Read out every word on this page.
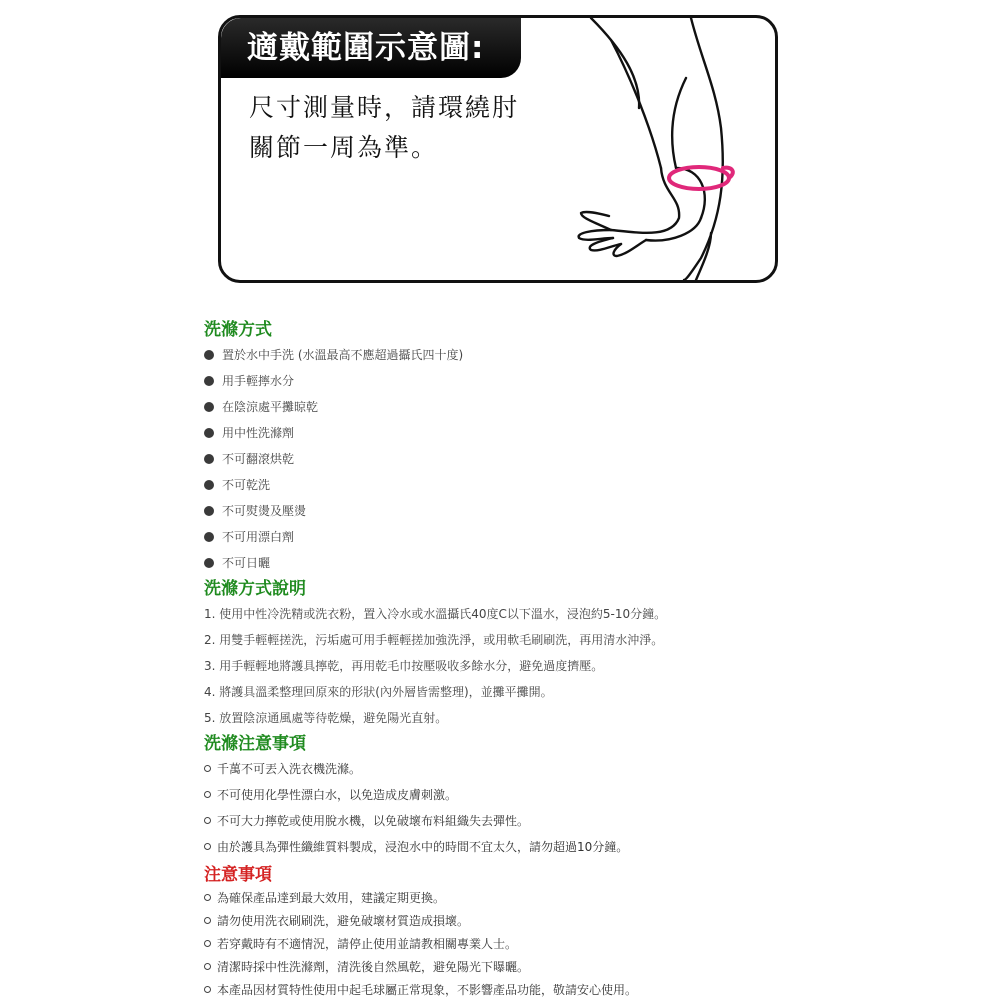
適戴範圍示意圖:
尺寸測量時，請環繞肘
關節一周為準。
洗滌方式
置於水中手洗 (水溫最高不應超過攝氏四十度)
用手輕擰水分
在陰涼處平攤晾乾
用中性洗滌劑
不可翻滾烘乾
不可乾洗
不可熨燙及壓燙
不可用漂白劑
不可日曬
洗滌方式說明
1. 使用中性冷洗精或洗衣粉，置入冷水或水溫攝氏40度C以下溫水，浸泡約5-10分鐘。
2. 用雙手輕輕搓洗，污垢處可用手輕輕搓加強洗淨，或用軟毛刷刷洗，再用清水沖淨。
3. 用手輕輕地將護具擰乾，再用乾毛巾按壓吸收多餘水分，避免過度擠壓。
4. 將護具溫柔整理回原來的形狀(內外層皆需整理)，並攤平攤開。
5. 放置陰涼通風處等待乾燥，避免陽光直射。
洗滌注意事項
千萬不可丟入洗衣機洗滌。
不可使用化學性漂白水，以免造成皮膚刺激。
不可大力擰乾或使用脫水機，以免破壞布料組織失去彈性。
由於護具為彈性纖維質料製成，浸泡水中的時間不宜太久，請勿超過10分鐘。
注意事項
為確保產品達到最大效用，建議定期更換。
請勿使用洗衣刷刷洗，避免破壞材質造成損壞。
若穿戴時有不適情況，請停止使用並請教相關專業人士。
清潔時採中性洗滌劑，清洗後自然風乾，避免陽光下曝曬。
本產品因材質特性使用中起毛球屬正常現象，不影響產品功能，敬請安心使用。
